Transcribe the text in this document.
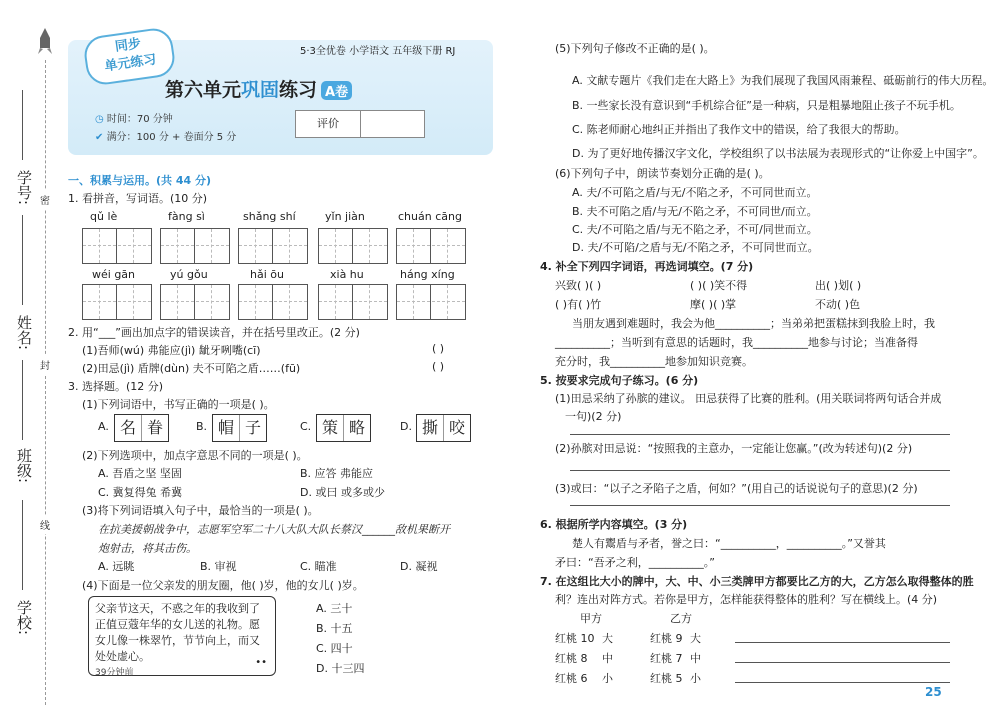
学号:
姓名:
班级:
学校:
密
封
线
同步
单元练习
5·3全优卷 小学语文 五年级下册 RJ
第六单元巩固练习 A卷
◷ 时间：70 分钟
✔ 满分：100 分 + 卷面分 5 分
评价
一、积累与运用。(共 44 分)
1. 看拼音，写词语。(10 分)
qǔ lè	fàng sì	shǎng shí	yǐn jiàn	chuán cāng
wéi gān	yú gǒu	hǎi ōu	xià hu	háng xíng
2. 用“___”画出加点字的错误读音，并在括号里改正。(2 分)
(1)吾师(wú) 弗能应(jì) 龇牙咧嘴(cī)	( )
(2)田忌(jì) 盾牌(dùn) 夫不可陷之盾……(fū)	( )
3. 选择题。(12 分)
(1)下列词语中，书写正确的一项是( )。
A. 名 眷	B. 帽 子	C. 策 略	D. 撕 咬
(2)下列选项中，加点字意思不同的一项是( )。
A. 吾盾之坚 坚固	B. 应答 弗能应
C. 冀复得兔 希冀	D. 或曰 或多或少
(3)将下列词语填入句子中，最恰当的一项是( )。
在抗美援朝战争中，志愿军空军二十八大队大队长蔡汉______敌机果断开
炮射击，将其击伤。
A. 远眺	B. 审视	C. 瞄准	D. 凝视
(4)下面是一位父亲发的朋友圈，他( )岁，他的女儿( )岁。
父亲节这天，不惑之年的我收到了正值豆蔻年华的女儿送的礼物。愿女儿像一株翠竹，节节向上，而又处处虚心。
39分钟前
••
A. 三十
B. 十五
C. 四十
D. 十三四
(5)下列句子修改不正确的是( )。
A. 文献专题片《我们走在大路上》为我们展现了我国风雨兼程、砥砺前行的伟大历程。
B. 一些家长没有意识到“手机综合征”是一种病，只是粗暴地阻止孩子不玩手机。
C. 陈老师耐心地纠正并指出了我作文中的错误，给了我很大的帮助。
D. 为了更好地传播汉字文化，学校组织了以书法展为表现形式的“让你爱上中国字”。
(6)下列句子中，朗读节奏划分正确的是( )。
A. 夫/不可陷之盾/与无/不陷之矛，不可同世而立。
B. 夫不可陷之盾/与无/不陷之矛，不可同世/而立。
C. 夫/不可陷之盾/与无不陷之矛，不可/同世而立。
D. 夫/不可陷/之盾与无/不陷之矛，不可同世而立。
4. 补全下列四字词语，再选词填空。(7 分)
兴致( )( )	( )( )笑不得	出( )划( )
( )有( )竹	摩( )( )掌	不动( )色
当朋友遇到难题时，我会为他__________；当弟弟把蛋糕抹到我脸上时，我
__________；当听到有意思的话题时，我__________地参与讨论；当准备得
充分时，我__________地参加知识竞赛。
5. 按要求完成句子练习。(6 分)
(1)田忌采纳了孙膑的建议。 田忌获得了比赛的胜利。(用关联词将两句话合并成
一句)(2 分)
(2)孙膑对田忌说：“按照我的主意办，一定能让您赢。”(改为转述句)(2 分)
(3)或曰：“以子之矛陷子之盾，何如？”(用自己的话说说句子的意思)(2 分)
6. 根据所学内容填空。(3 分)
楚人有鬻盾与矛者，誉之曰：“__________，__________。”又誉其
矛曰：“吾矛之利，__________。”
7. 在这组比大小的牌中，大、中、小三类牌甲方都要比乙方的大，乙方怎么取得整体的胜
利？连出对阵方式。若你是甲方，怎样能获得整体的胜利？写在横线上。(4 分)
甲方	乙方
红桃 10 大	红桃 9 大
红桃 8 中	红桃 7 中
红桃 6 小	红桃 5 小
25
